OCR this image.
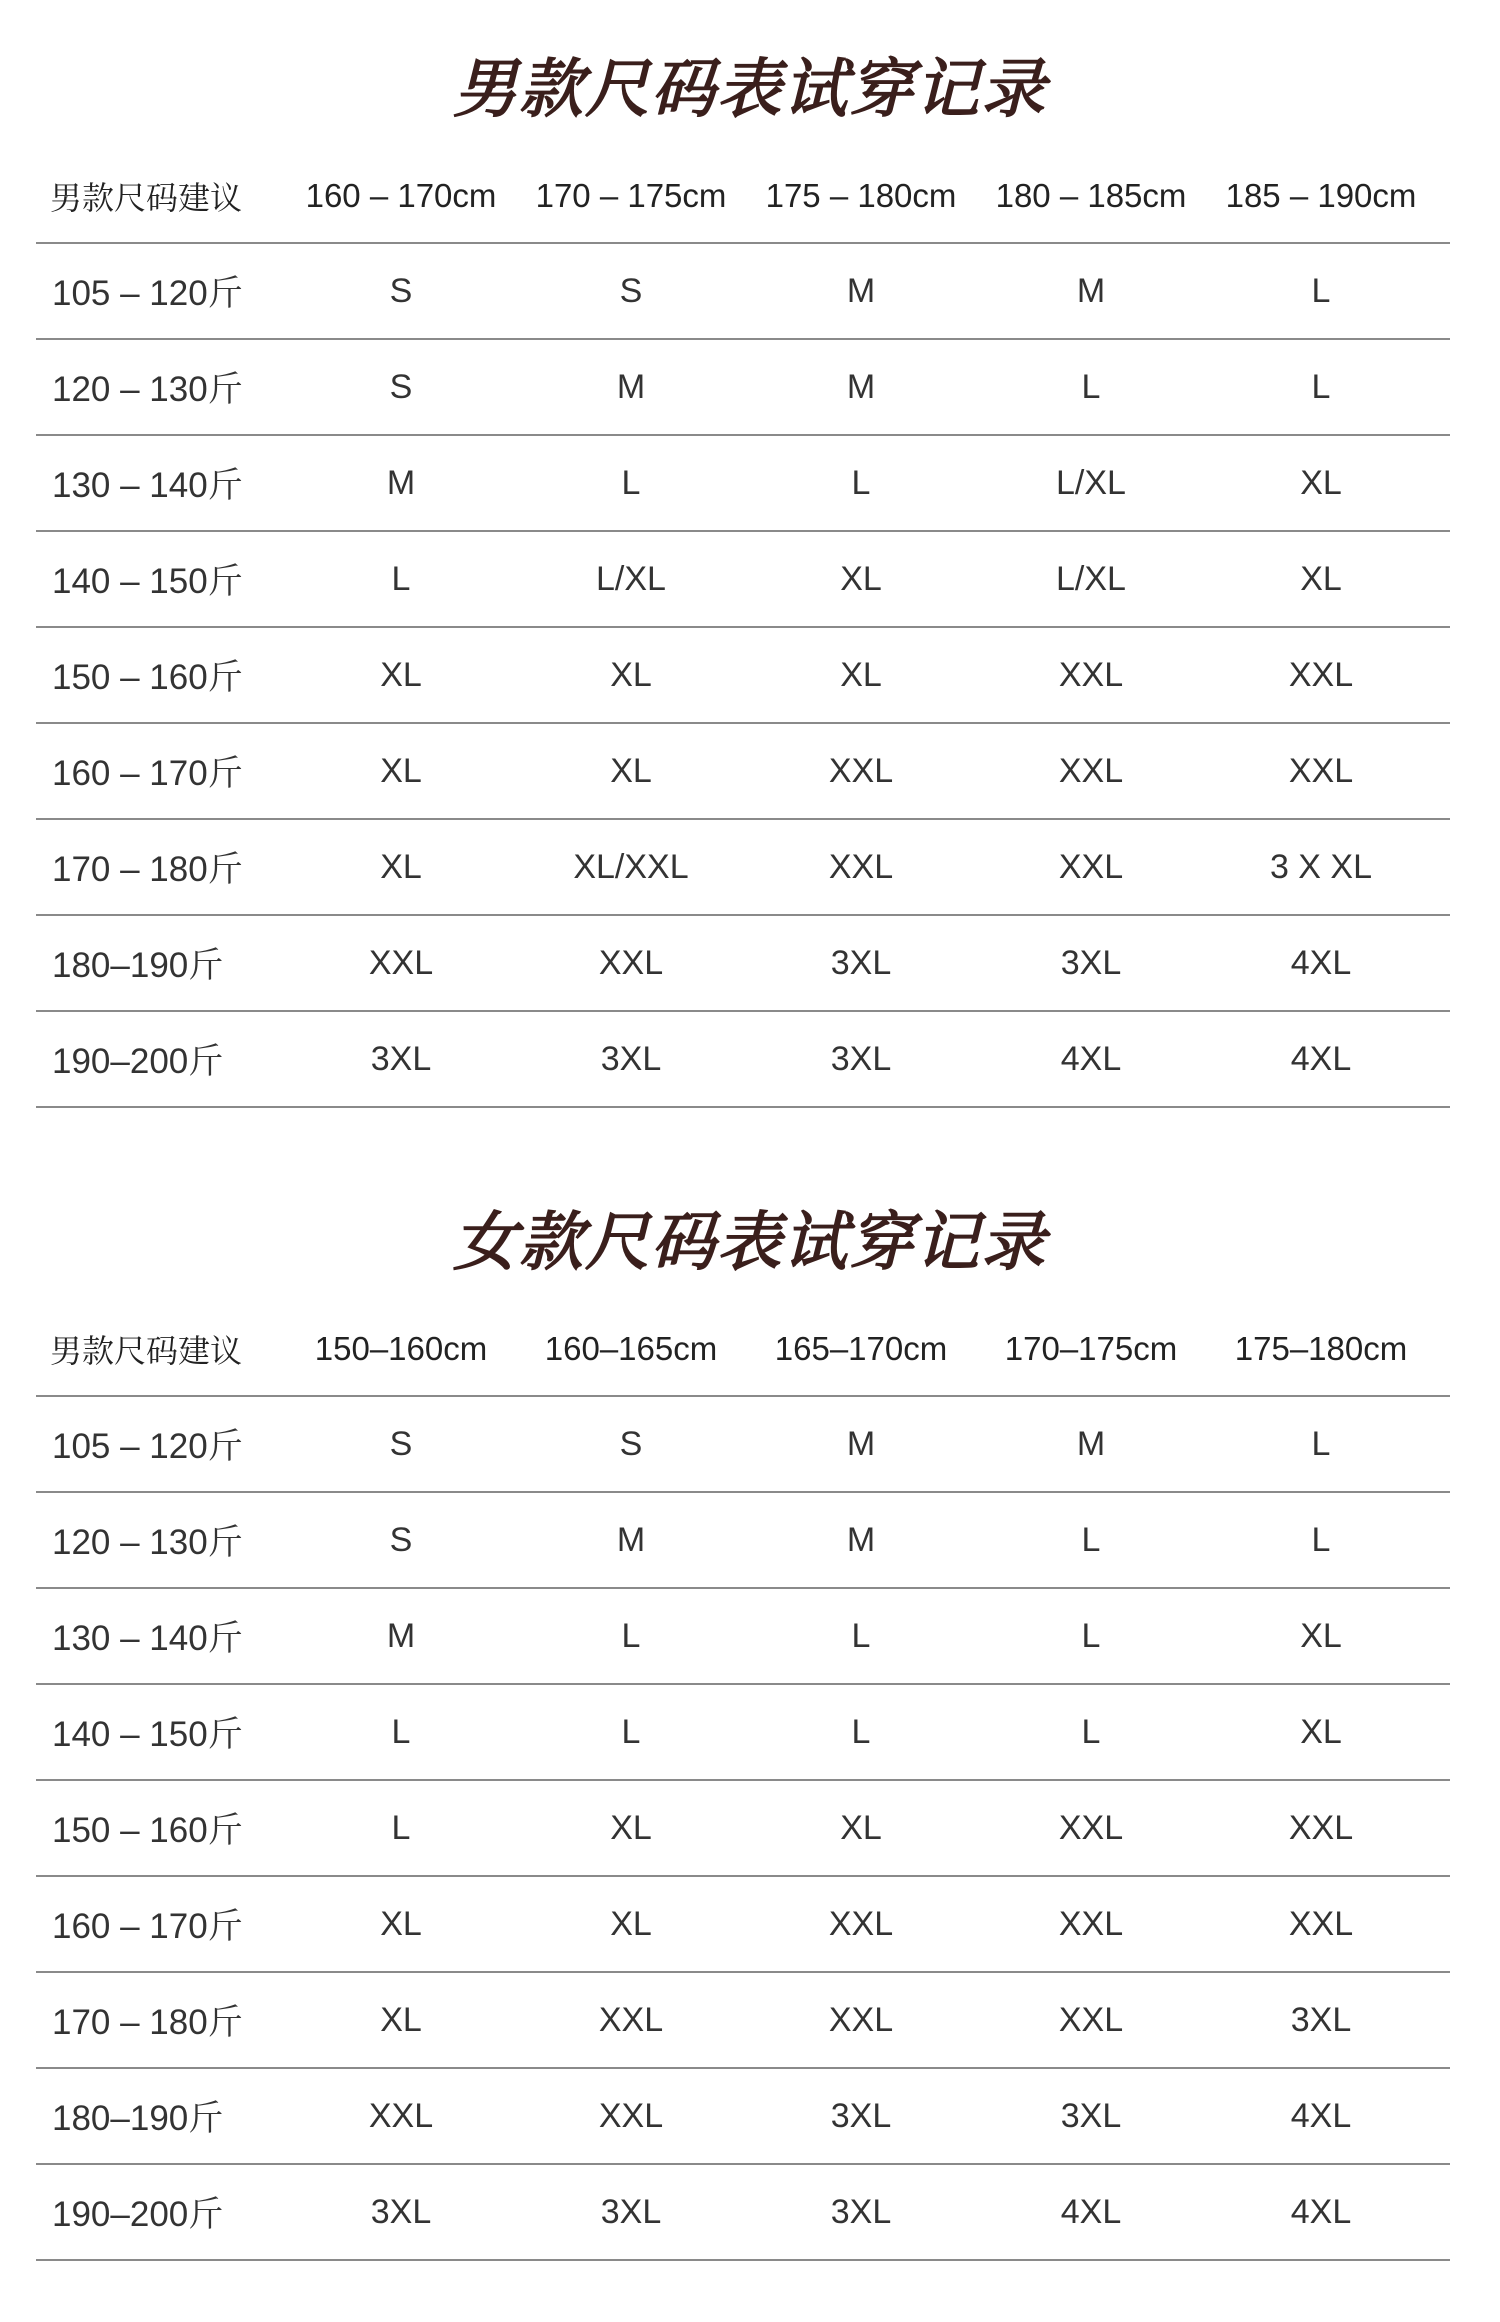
男款尺码表试穿记录
男款尺码建议	160 – 170cm	170 – 175cm	175 – 180cm	180 – 185cm	185 – 190cm
105 – 120斤	S	S	M	M	L
120 – 130斤	S	M	M	L	L
130 – 140斤	M	L	L	L/XL	XL
140 – 150斤	L	L/XL	XL	L/XL	XL
150 – 160斤	XL	XL	XL	XXL	XXL
160 – 170斤	XL	XL	XXL	XXL	XXL
170 – 180斤	XL	XL/XXL	XXL	XXL	3 X XL
180–190斤	XXL	XXL	3XL	3XL	4XL
190–200斤	3XL	3XL	3XL	4XL	4XL
女款尺码表试穿记录
男款尺码建议	150–160cm	160–165cm	165–170cm	170–175cm	175–180cm
105 – 120斤	S	S	M	M	L
120 – 130斤	S	M	M	L	L
130 – 140斤	M	L	L	L	XL
140 – 150斤	L	L	L	L	XL
150 – 160斤	L	XL	XL	XXL	XXL
160 – 170斤	XL	XL	XXL	XXL	XXL
170 – 180斤	XL	XXL	XXL	XXL	3XL
180–190斤	XXL	XXL	3XL	3XL	4XL
190–200斤	3XL	3XL	3XL	4XL	4XL
